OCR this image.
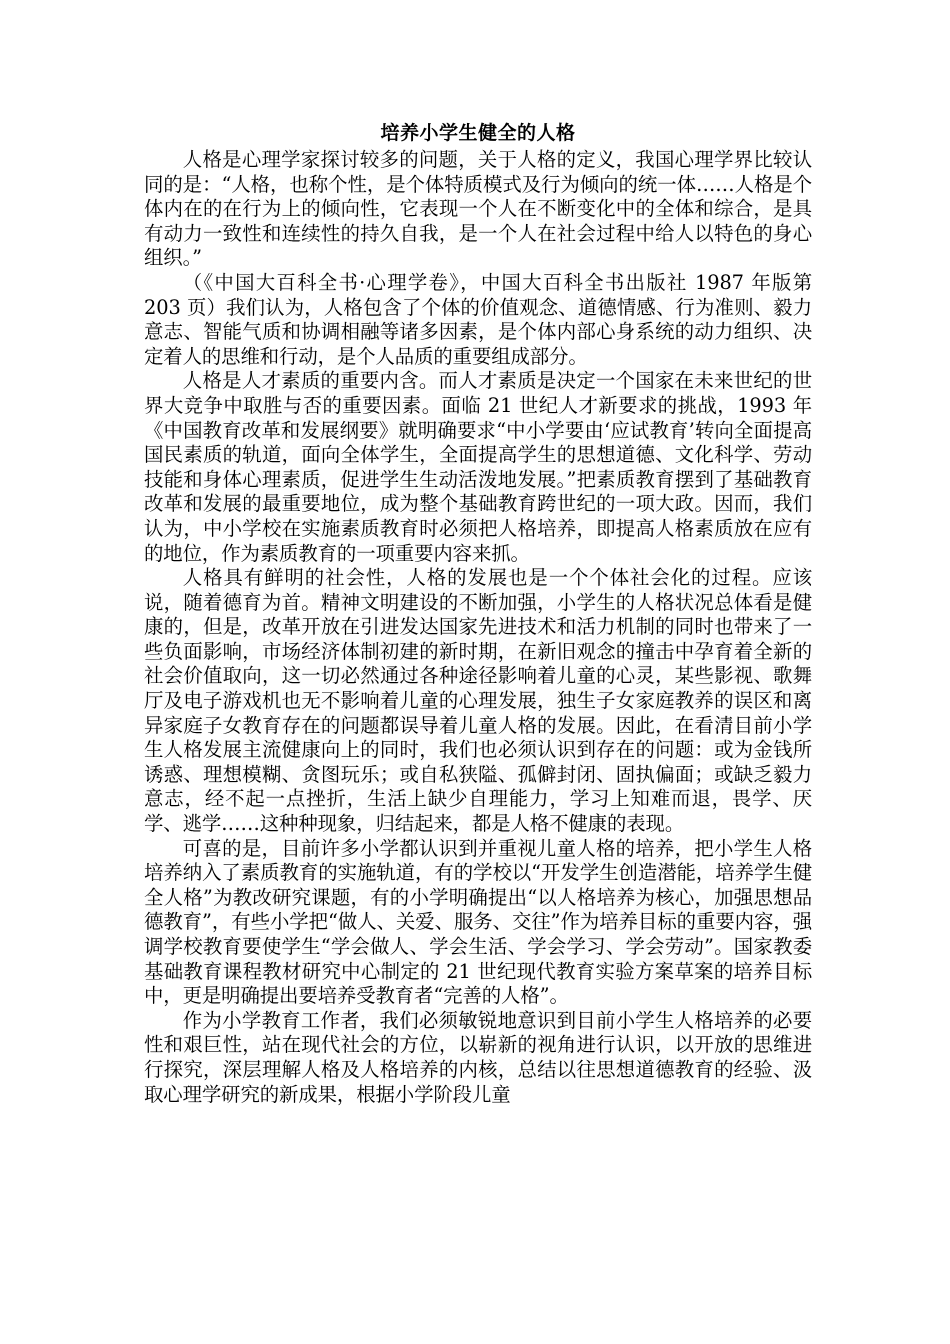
培养小学生健全的人格

人格是心理学家探讨较多的问题，关于人格的定义，我国心理学界比较认同的是：“人格，也称个性，是个体特质模式及行为倾向的统一体……人格是个体内在的在行为上的倾向性，它表现一个人在不断变化中的全体和综合，是具有动力一致性和连续性的持久自我，是一个人在社会过程中给人以特色的身心组织。”

（《中国大百科全书·心理学卷》，中国大百科全书出版社 1987 年版第 203 页）我们认为，人格包含了个体的价值观念、道德情感、行为准则、毅力意志、智能气质和协调相融等诸多因素，是个体内部心身系统的动力组织、决定着人的思维和行动，是个人品质的重要组成部分。

人格是人才素质的重要内含。而人才素质是决定一个国家在未来世纪的世界大竞争中取胜与否的重要因素。面临 21 世纪人才新要求的挑战，1993 年《中国教育改革和发展纲要》就明确要求“中小学要由‘应试教育’转向全面提高国民素质的轨道，面向全体学生，全面提高学生的思想道德、文化科学、劳动技能和身体心理素质，促进学生生动活泼地发展。”把素质教育摆到了基础教育改革和发展的最重要地位，成为整个基础教育跨世纪的一项大政。因而，我们认为，中小学校在实施素质教育时必须把人格培养，即提高人格素质放在应有的地位，作为素质教育的一项重要内容来抓。

人格具有鲜明的社会性，人格的发展也是一个个体社会化的过程。应该说，随着德育为首。精神文明建设的不断加强，小学生的人格状况总体看是健康的，但是，改革开放在引进发达国家先进技术和活力机制的同时也带来了一些负面影响，市场经济体制初建的新时期，在新旧观念的撞击中孕育着全新的社会价值取向，这一切必然通过各种途径影响着儿童的心灵，某些影视、歌舞厅及电子游戏机也无不影响着儿童的心理发展，独生子女家庭教养的误区和离异家庭子女教育存在的问题都误导着儿童人格的发展。因此，在看清目前小学生人格发展主流健康向上的同时，我们也必须认识到存在的问题：或为金钱所诱惑、理想模糊、贪图玩乐；或自私狭隘、孤僻封闭、固执偏面；或缺乏毅力意志，经不起一点挫折，生活上缺少自理能力，学习上知难而退，畏学、厌学、逃学……这种种现象，归结起来，都是人格不健康的表现。

可喜的是，目前许多小学都认识到并重视儿童人格的培养，把小学生人格培养纳入了素质教育的实施轨道，有的学校以“开发学生创造潜能，培养学生健全人格”为教改研究课题，有的小学明确提出“以人格培养为核心，加强思想品德教育”，有些小学把“做人、关爱、服务、交往”作为培养目标的重要内容，强调学校教育要使学生“学会做人、学会生活、学会学习、学会劳动”。国家教委基础教育课程教材研究中心制定的 21 世纪现代教育实验方案草案的培养目标中，更是明确提出要培养受教育者“完善的人格”。

作为小学教育工作者，我们必须敏锐地意识到目前小学生人格培养的必要性和艰巨性，站在现代社会的方位，以崭新的视角进行认识，以开放的思维进行探究，深层理解人格及人格培养的内核，总结以往思想道德教育的经验、汲取心理学研究的新成果，根据小学阶段儿童
